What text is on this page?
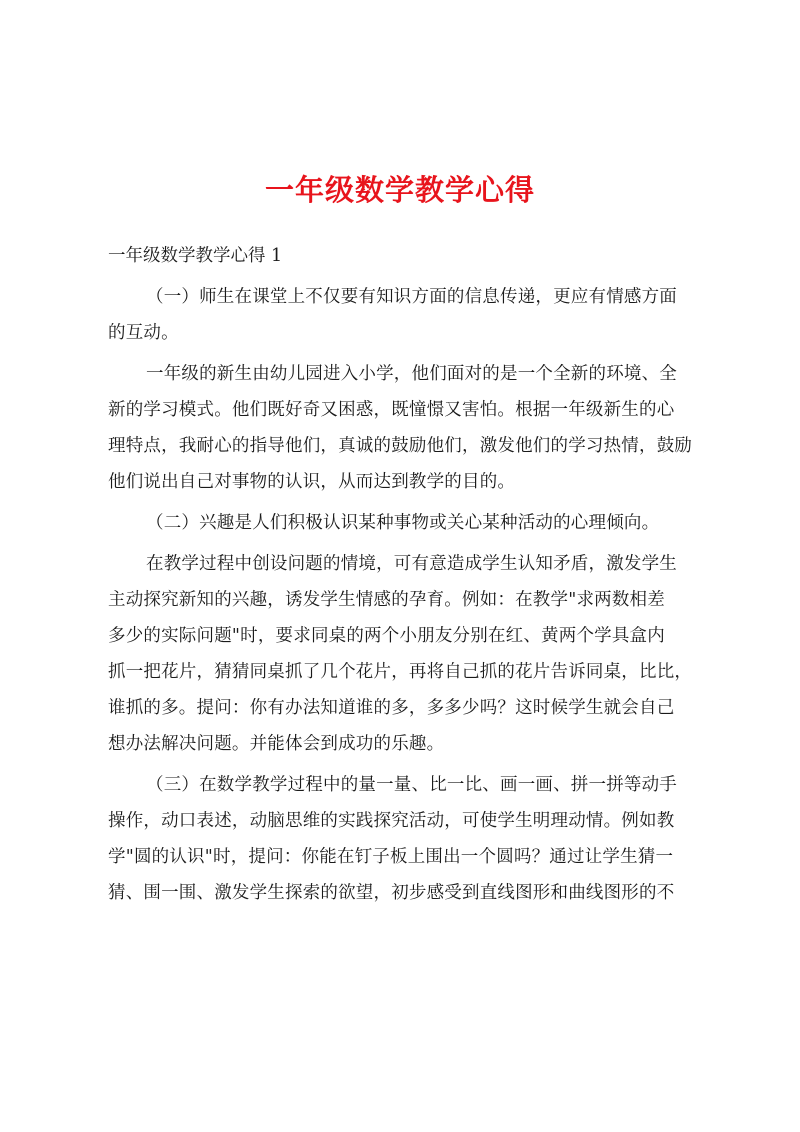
一年级数学教学心得
一年级数学教学心得 1

（一）师生在课堂上不仅要有知识方面的信息传递，更应有情感方面
的互动。

一年级的新生由幼儿园进入小学，他们面对的是一个全新的环境、全
新的学习模式。他们既好奇又困惑，既憧憬又害怕。根据一年级新生的心
理特点，我耐心的指导他们，真诚的鼓励他们，激发他们的学习热情，鼓励
他们说出自己对事物的认识，从而达到教学的目的。

（二）兴趣是人们积极认识某种事物或关心某种活动的心理倾向。

在教学过程中创设问题的情境，可有意造成学生认知矛盾，激发学生
主动探究新知的兴趣，诱发学生情感的孕育。例如：在教学"求两数相差
多少的实际问题"时，要求同桌的两个小朋友分别在红、黄两个学具盒内
抓一把花片，猜猜同桌抓了几个花片，再将自己抓的花片告诉同桌，比比，
谁抓的多。提问：你有办法知道谁的多，多多少吗？这时候学生就会自己
想办法解决问题。并能体会到成功的乐趣。

（三）在数学教学过程中的量一量、比一比、画一画、拼一拼等动手
操作，动口表述，动脑思维的实践探究活动，可使学生明理动情。例如教
学"圆的认识"时，提问：你能在钉子板上围出一个圆吗？通过让学生猜一
猜、围一围、激发学生探索的欲望，初步感受到直线图形和曲线图形的不
